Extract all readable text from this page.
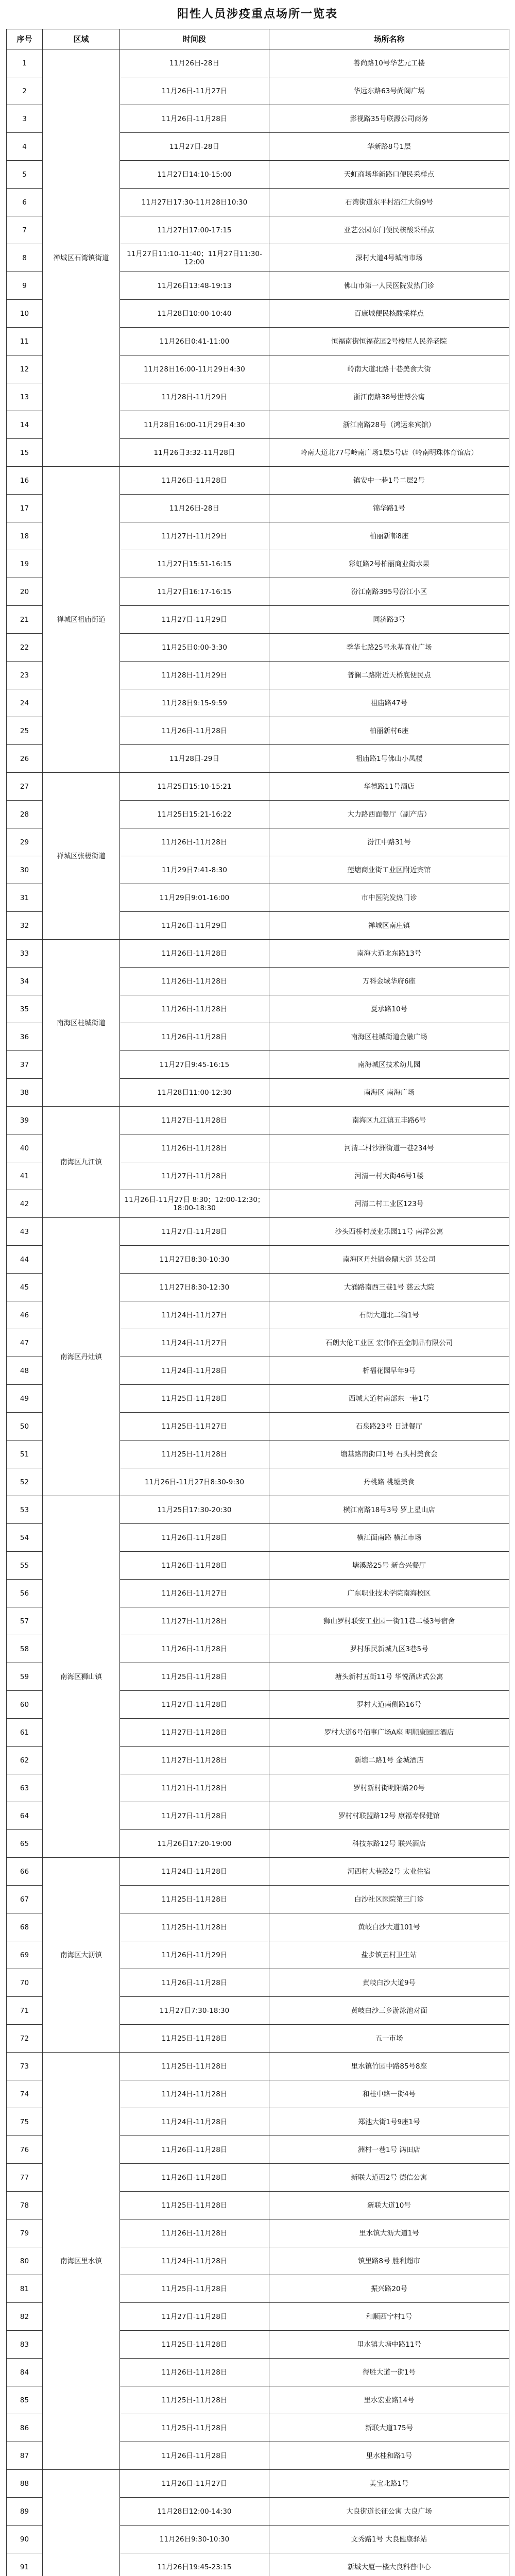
阳性人员涉疫重点场所一览表
序号	区域	时间段	场所名称
1	禅城区石湾镇街道	11月26日-28日	善尚路10号华艺元工楼
2		11月26日-11月27日	华远东路63号尚阁广场
3		11月26日-11月28日	影视路35号联源公司商务
4		11月27日-28日	华新路8号1层
5		11月27日14:10-15:00	天虹商场华新路口便民采样点
6		11月27日17:30-11月28日10:30	石湾街道东平村沿江大街9号
7		11月27日17:00-17:15	亚艺公园东门便民核酸采样点
8		11月27日11:10-11:40；11月27日11:30-12:00	深村大道4号城南市场
9		11月26日13:48-19:13	佛山市第一人民医院发热门诊
10		11月28日10:00-10:40	百康城便民核酸采样点
11		11月26日0:41-11:00	恒福南街恒福花园2号楼尼人民养老院
12		11月28日16:00-11月29日4:30	岭南大道北路十巷美食大街
13		11月28日-11月29日	浙江南路38号世博公寓
14		11月28日16:00-11月29日4:30	浙江南路28号（鸿运来宾馆）
15		11月26日3:32-11月28日	岭南大道北77号岭南广场1层5号店（岭南明珠体育馆店）
16	禅城区祖庙街道	11月26日-11月28日	镇安中一巷1号二层2号
17		11月26日-28日	锦华路1号
18		11月27日-11月29日	柏丽新邨8座
19		11月27日15:51-16:15	彩虹路2号柏丽商业街水果
20		11月27日16:17-16:15	汾江南路395号汾江小区
21		11月27日-11月29日	同济路3号
22		11月25日0:00-3:30	季华七路25号永基商业广场
23		11月28日-11月29日	普澜二路附近天桥底便民点
24		11月28日9:15-9:59	祖庙路47号
25		11月26日-11月28日	柏丽新村6座
26		11月28日-29日	祖庙路1号佛山小凤楼
27	禅城区张槎街道	11月25日15:10-15:21	华德路11号酒店
28		11月25日15:21-16:22	大力路西面餐厅（副产店）
29		11月26日-11月28日	汾江中路31号
30		11月29日7:41-8:30	莲塘商业街工业区附近宾馆
31		11月29日9:01-16:00	市中医院发热门诊
32		11月26日-11月29日	禅城区南庄镇
33	南海区桂城街道	11月26日-11月28日	南海大道北东路13号
34		11月26日-11月28日	万科金域华府6座
35		11月26日-11月28日	夏承路10号
36		11月26日-11月28日	南海区桂城街道金融广场
37		11月27日9:45-16:15	南海城区技术幼儿园
38		11月28日11:00-12:30	南海区 南海广场
39	南海区九江镇	11月27日-11月28日	南海区九江镇五丰路6号
40		11月26日-11月28日	河清二村沙洲街道一巷234号
41		11月27日-11月28日	河清一村大街46号1楼
42		11月26日-11月27日 8:30；12:00-12:30；18:00-18:30	河清二村工业区123号
43	南海区丹灶镇	11月27日-11月28日	沙头西桥村茂业乐园11号 南洋公寓
44		11月27日8:30-10:30	南海区丹灶镇金鼎大道 某公司
45		11月27日8:30-12:30	大涌路南西三巷1号 慈云大院
46		11月24日-11月27日	石朗大道北二街1号
47		11月24日-11月27日	石朗大伦工业区 宏伟作五金制品有限公司
48		11月24日-11月28日	析福花园早年9号
49		11月25日-11月28日	西城大道村南部东一巷1号
50		11月25日-11月27日	石泉路23号 日进餐厅
51		11月25日-11月28日	塘基路南街口1号 石头村美食会
52		11月26日-11月27日8:30-9:30	丹桃路 桃墟美食
53	南海区狮山镇	11月25日17:30-20:30	横江南路18号3号 罗上星山店
54		11月26日-11月28日	横江面南路 横江市场
55		11月26日-11月28日	塘溪路25号 新合兴餐厅
56		11月26日-11月27日	广东职业技术学院南海校区
57		11月27日-11月28日	狮山罗村联安工业园一街11巷二楼3号宿舍
58		11月26日-11月28日	罗村乐民新城九区3巷5号
59		11月25日-11月28日	塘头新村五街11号 华悦酒店式公寓
60		11月27日-11月28日	罗村大道南侧路16号
61		11月27日-11月28日	罗村大道6号佰事广场A座 明顺康园园酒店
62		11月27日-11月28日	新塘二路1号 金城酒店
63		11月21日-11月28日	罗村新村街明阳路20号
64		11月27日-11月28日	罗村村联盟路12号 康福寿保健馆
65		11月26日17:20-19:00	科技东路12号 联兴酒店
66	南海区大沥镇	11月24日-11月28日	河西村大巷路2号 太业住宿
67		11月25日-11月28日	白沙社区医院第三门诊
68		11月25日-11月28日	黄岐白沙大道101号
69		11月26日-11月29日	盐步镇五村卫生站
70		11月26日-11月28日	黄岐白沙大道9号
71		11月27日7:30-18:30	黄岐白沙三乡游泳池对面
72		11月25日-11月28日	五一市场
73	南海区里水镇	11月25日-11月28日	里水镇竹园中路85号8座
74		11月24日-11月28日	和桂中路一街4号
75		11月24日-11月28日	郑池大街1号9座1号
76		11月26日-11月28日	洲村一巷1号 鸿田店
77		11月26日-11月28日	新联大道西2号 德信公寓
78		11月25日-11月28日	新联大道10号
79		11月26日-11月28日	里水镇大沥大道1号
80		11月24日-11月28日	镇里路8号 胜利超市
81		11月25日-11月28日	振兴路20号
82		11月27日-11月28日	和顺西宁村1号
83		11月25日-11月28日	里水镇大塘中路11号
84		11月26日-11月28日	得胜大道一街1号
85		11月25日-11月28日	里水宏业路14号
86		11月25日-11月28日	新联大道175号
87		11月26日-11月28日	里水桂和路1号
88		11月26日-11月27日	美宝北路1号
89		11月28日12:00-14:30	大良街道长征公寓 大良广场
90		11月26日9:30-10:30	文秀路1号 大良健康驿站
91		11月26日19:45-23:15	新城大厦一楼大良科普中心
